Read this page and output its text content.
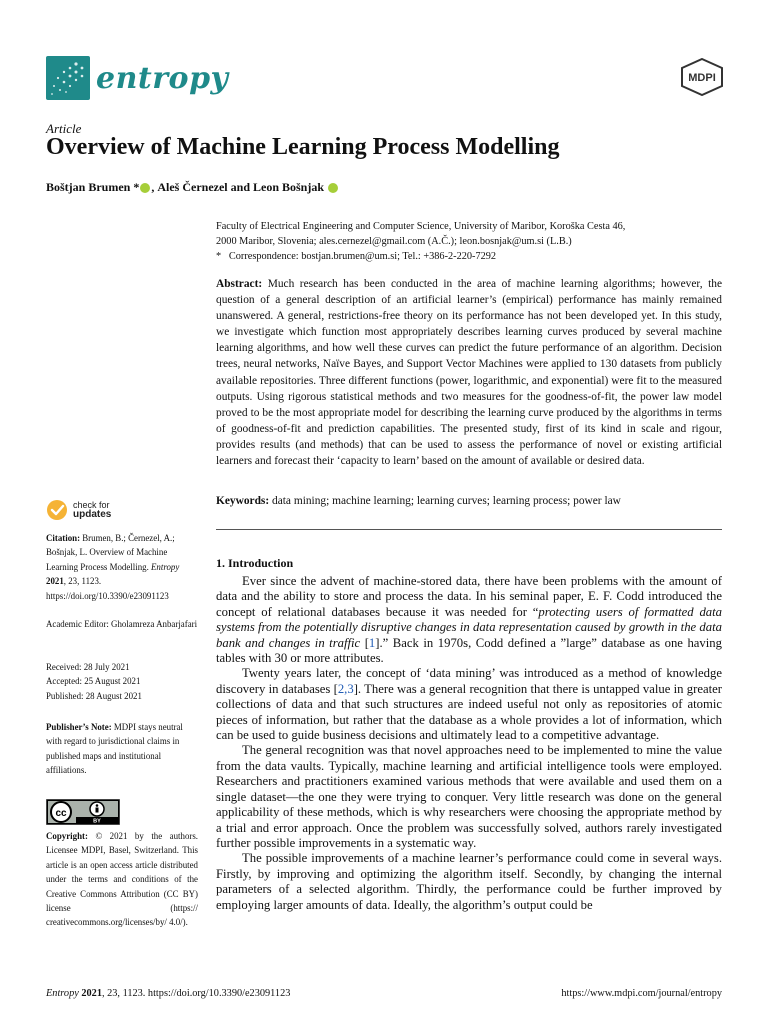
entropy	MDPI
Article
Overview of Machine Learning Process Modelling
Boštjan Brumen * , Aleš Černezel and Leon Bošnjak
Faculty of Electrical Engineering and Computer Science, University of Maribor, Koroška Cesta 46,
2000 Maribor, Slovenia; ales.cernezel@gmail.com (A.Č.); leon.bosnjak@um.si (L.B.)
*   Correspondence: bostjan.brumen@um.si; Tel.: +386-2-220-7292
Abstract: Much research has been conducted in the area of machine learning algorithms; however, the question of a general description of an artificial learner’s (empirical) performance has mainly remained unanswered. A general, restrictions-free theory on its performance has not been developed yet. In this study, we investigate which function most appropriately describes learning curves produced by several machine learning algorithms, and how well these curves can predict the future performance of an algorithm. Decision trees, neural networks, Naïve Bayes, and Support Vector Machines were applied to 130 datasets from publicly available repositories. Three different functions (power, logarithmic, and exponential) were fit to the measured outputs. Using rigorous statistical methods and two measures for the goodness-of-fit, the power law model proved to be the most appropriate model for describing the learning curve produced by the algorithms in terms of goodness-of-fit and prediction capabilities. The presented study, first of its kind in scale and rigour, provides results (and methods) that can be used to assess the performance of novel or existing artificial learners and forecast their ‘capacity to learn’ based on the amount of available or desired data.
Keywords: data mining; machine learning; learning curves; learning process; power law
check for
updates
Citation: Brumen, B.; Černezel, A.; Bošnjak, L. Overview of Machine Learning Process Modelling. Entropy 2021, 23, 1123. https://doi.org/10.3390/e23091123
Academic Editor: Gholamreza Anbarjafari
Received: 28 July 2021
Accepted: 25 August 2021
Published: 28 August 2021
Publisher’s Note: MDPI stays neutral with regard to jurisdictional claims in published maps and institutional affiliations.
cc
BY
Copyright: © 2021 by the authors. Licensee MDPI, Basel, Switzerland. This article is an open access article distributed under the terms and conditions of the Creative Commons Attribution (CC BY) license (https:// creativecommons.org/licenses/by/ 4.0/).
1. Introduction

Ever since the advent of machine-stored data, there have been problems with the amount of data and the ability to store and process the data. In his seminal paper, E. F. Codd introduced the concept of relational databases because it was needed for “protecting users of formatted data systems from the potentially disruptive changes in data representation caused by growth in the data bank and changes in traffic [1].” Back in 1970s, Codd defined a ”large” database as one having tables with 30 or more attributes.

Twenty years later, the concept of ‘data mining’ was introduced as a method of knowledge discovery in databases [2,3]. There was a general recognition that there is untapped value in greater collections of data and that such structures are indeed useful not only as repositories of atomic pieces of information, but rather that the database as a whole provides a lot of information, which can be used to guide business decisions and ultimately lead to a competitive advantage.

The general recognition was that novel approaches need to be implemented to mine the value from the data vaults. Typically, machine learning and artificial intelligence tools were employed. Researchers and practitioners examined various methods that were available and used them on a single dataset—the one they were trying to conquer. Very little research was done on the general applicability of these methods, which is why researchers were choosing the appropriate method by a trial and error approach. Once the problem was successfully solved, authors rarely investigated further possible improvements in a systematic way.

The possible improvements of a machine learner’s performance could come in several ways. Firstly, by improving and optimizing the algorithm itself. Secondly, by changing the internal parameters of a selected algorithm. Thirdly, the performance could be further improved by employing larger amounts of data. Ideally, the algorithm’s output could be

Entropy 2021, 23, 1123. https://doi.org/10.3390/e23091123	https://www.mdpi.com/journal/entropy
